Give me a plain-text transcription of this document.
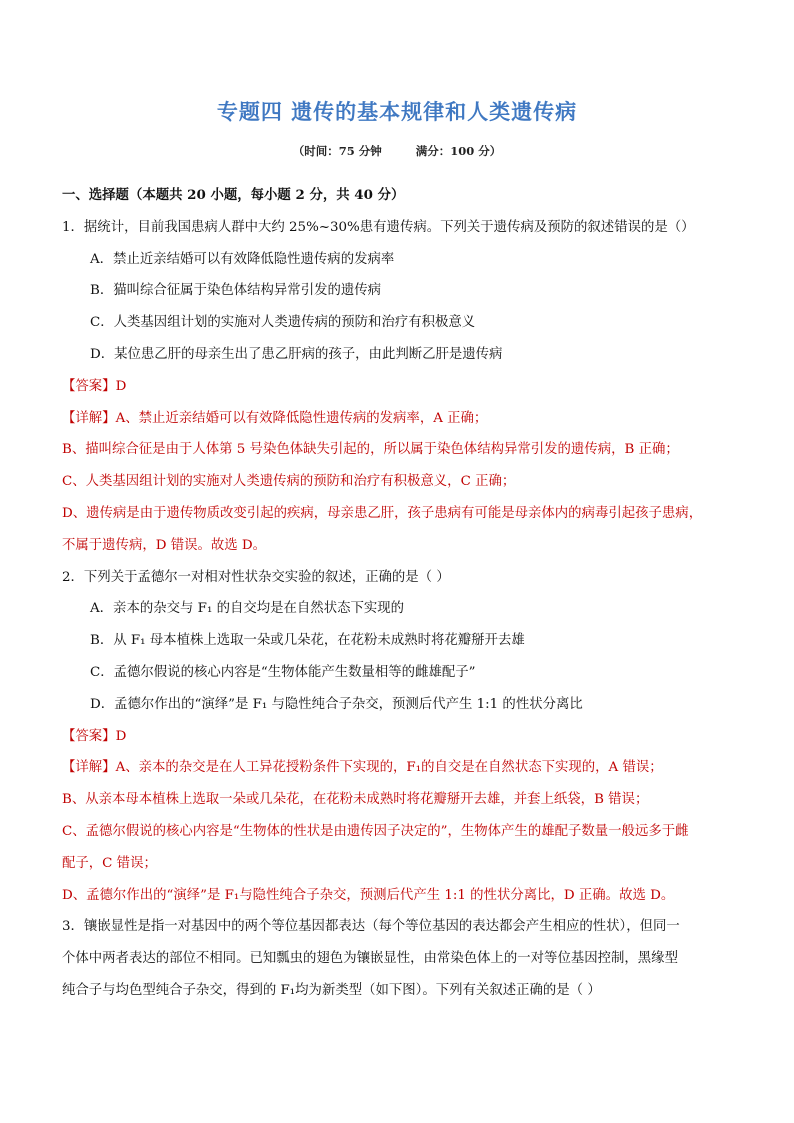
专题四 遗传的基本规律和人类遗传病
（时间：75 分钟	满分：100 分）
一、选择题（本题共 20 小题，每小题 2 分，共 40 分）
1．据统计，目前我国患病人群中大约 25%~30%患有遗传病。下列关于遗传病及预防的叙述错误的是（）
A．禁止近亲结婚可以有效降低隐性遗传病的发病率
B．猫叫综合征属于染色体结构异常引发的遗传病
C．人类基因组计划的实施对人类遗传病的预防和治疗有积极意义
D．某位患乙肝的母亲生出了患乙肝病的孩子，由此判断乙肝是遗传病
【答案】D
【详解】A、禁止近亲结婚可以有效降低隐性遗传病的发病率，A 正确；
B、描叫综合征是由于人体第 5 号染色体缺失引起的，所以属于染色体结构异常引发的遗传病，B 正确；
C、人类基因组计划的实施对人类遗传病的预防和治疗有积极意义，C 正确；
D、遗传病是由于遗传物质改变引起的疾病，母亲患乙肝，孩子患病有可能是母亲体内的病毒引起孩子患病，
不属于遗传病，D 错误。故选 D。
2．下列关于孟德尔一对相对性状杂交实验的叙述，正确的是（ ）
A．亲本的杂交与 F₁ 的自交均是在自然状态下实现的
B．从 F₁ 母本植株上选取一朵或几朵花，在花粉未成熟时将花瓣掰开去雄
C．孟德尔假说的核心内容是“生物体能产生数量相等的雌雄配子”
D．孟德尔作出的“演绎”是 F₁ 与隐性纯合子杂交，预测后代产生 1:1 的性状分离比
【答案】D
【详解】A、亲本的杂交是在人工异花授粉条件下实现的，F₁的自交是在自然状态下实现的，A 错误；
B、从亲本母本植株上选取一朵或几朵花，在花粉未成熟时将花瓣掰开去雄，并套上纸袋，B 错误；
C、孟德尔假说的核心内容是“生物体的性状是由遗传因子决定的”，生物体产生的雄配子数量一般远多于雌
配子，C 错误；
D、孟德尔作出的“演绎”是 F₁与隐性纯合子杂交，预测后代产生 1:1 的性状分离比，D 正确。故选 D。
3．镶嵌显性是指一对基因中的两个等位基因都表达（每个等位基因的表达都会产生相应的性状），但同一
个体中两者表达的部位不相同。已知瓢虫的翅色为镶嵌显性，由常染色体上的一对等位基因控制，黑缘型
纯合子与均色型纯合子杂交，得到的 F₁均为新类型（如下图）。下列有关叙述正确的是（ ）
